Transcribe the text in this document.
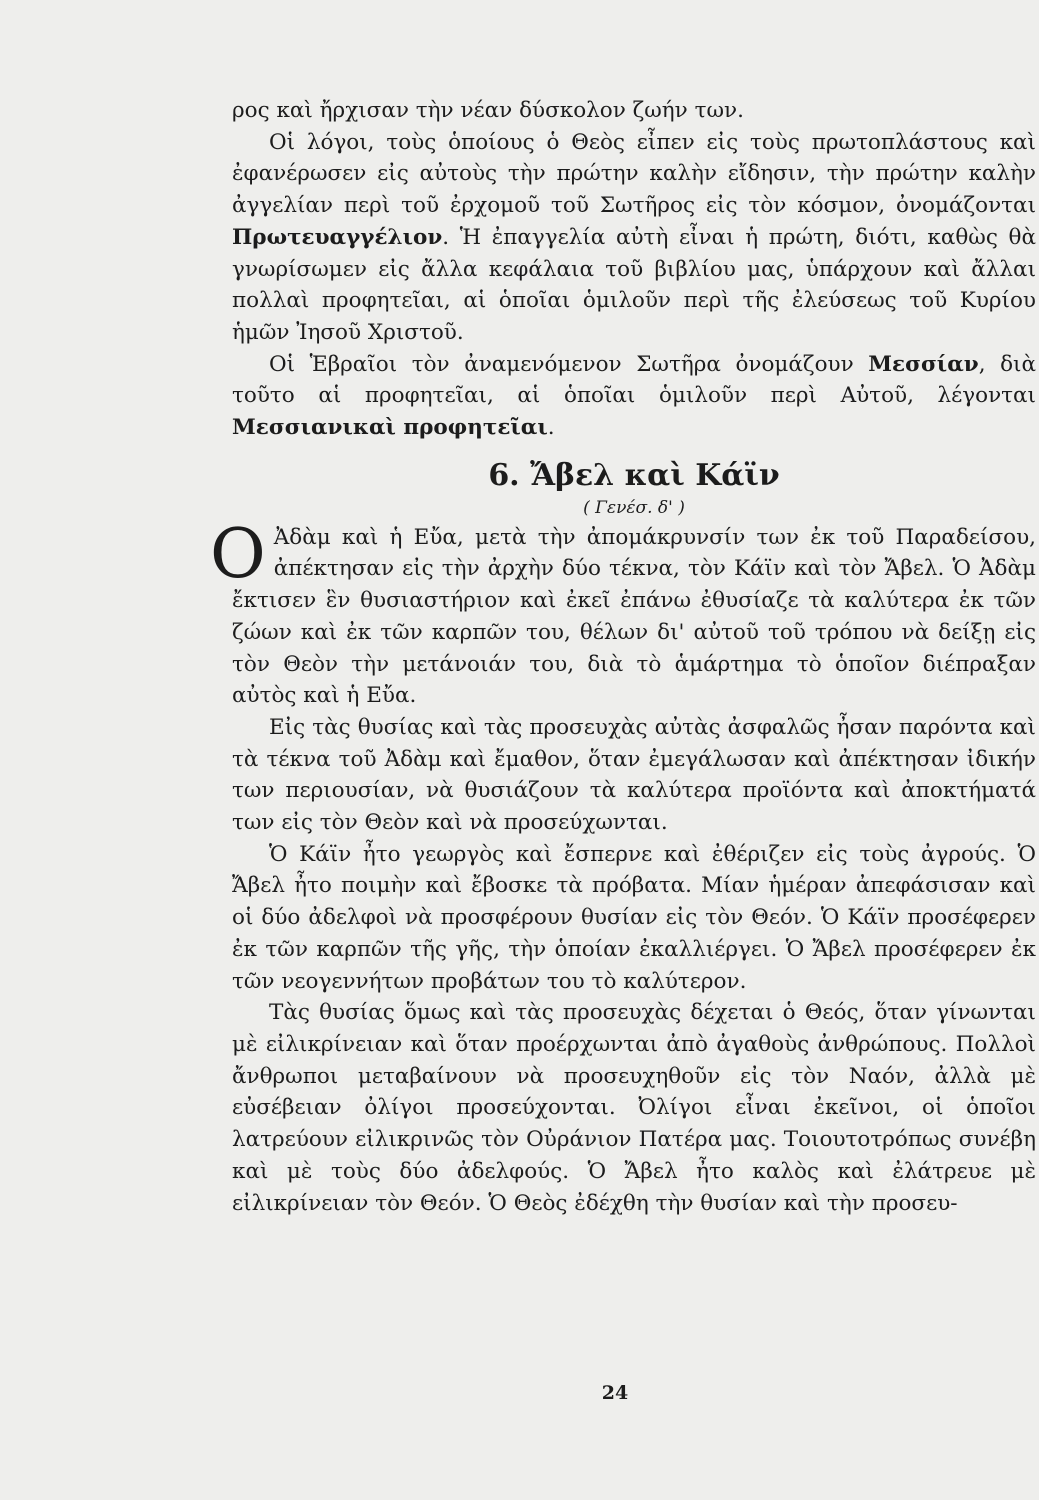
ρος καὶ ἤρχισαν τὴν νέαν δύσκολον ζωήν των.

Οἱ λόγοι, τοὺς ὁποίους ὁ Θεὸς εἶπεν εἰς τοὺς πρωτοπλάστους καὶ ἐφανέρωσεν εἰς αὐτοὺς τὴν πρώτην καλὴν εἴδησιν, τὴν πρώτην καλὴν ἀγγελίαν περὶ τοῦ ἐρχομοῦ τοῦ Σωτῆρος εἰς τὸν κόσμον, ὀνομάζονται Πρωτευαγγέλιον. Ἡ ἐπαγγελία αὐτὴ εἶναι ἡ πρώτη, διότι, καθὼς θὰ γνωρίσωμεν εἰς ἄλλα κεφάλαια τοῦ βιβλίου μας, ὑπάρχουν καὶ ἄλλαι πολλαὶ προφητεῖαι, αἱ ὁποῖαι ὁμιλοῦν περὶ τῆς ἐλεύσεως τοῦ Κυρίου ἡμῶν Ἰησοῦ Χριστοῦ.

Οἱ Ἑβραῖοι τὸν ἀναμενόμενον Σωτῆρα ὀνομάζουν Μεσσίαν, διὰ τοῦτο αἱ προφητεῖαι, αἱ ὁποῖαι ὁμιλοῦν περὶ Αὐτοῦ, λέγονται Μεσσιανικαὶ προφητεῖαι.

6. Ἄβελ καὶ Κάϊν
( Γενέσ. δ' )

Ο Ἀδὰμ καὶ ἡ Εὔα, μετὰ τὴν ἀπομάκρυνσίν των ἐκ τοῦ Παραδείσου, ἀπέκτησαν εἰς τὴν ἀρχὴν δύο τέκνα, τὸν Κάϊν καὶ τὸν Ἄβελ. Ὁ Ἀδὰμ ἔκτισεν ἓν θυσιαστήριον καὶ ἐκεῖ ἐπάνω ἐθυσίαζε τὰ καλύτερα ἐκ τῶν ζώων καὶ ἐκ τῶν καρπῶν του, θέλων δι' αὐτοῦ τοῦ τρόπου νὰ δείξῃ εἰς τὸν Θεὸν τὴν μετάνοιάν του, διὰ τὸ ἁμάρτημα τὸ ὁποῖον διέπραξαν αὐτὸς καὶ ἡ Εὔα.

Εἰς τὰς θυσίας καὶ τὰς προσευχὰς αὐτὰς ἀσφαλῶς ἦσαν παρόντα καὶ τὰ τέκνα τοῦ Ἀδὰμ καὶ ἔμαθον, ὅταν ἐμεγάλωσαν καὶ ἀπέκτησαν ἰδικήν των περιουσίαν, νὰ θυσιάζουν τὰ καλύτερα προϊόντα καὶ ἀποκτήματά των εἰς τὸν Θεὸν καὶ νὰ προσεύχωνται.

Ὁ Κάϊν ἦτο γεωργὸς καὶ ἔσπερνε καὶ ἐθέριζεν εἰς τοὺς ἀγρούς. Ὁ Ἄβελ ἦτο ποιμὴν καὶ ἔβοσκε τὰ πρόβατα. Μίαν ἡμέραν ἀπεφάσισαν καὶ οἱ δύο ἀδελφοὶ νὰ προσφέρουν θυσίαν εἰς τὸν Θεόν. Ὁ Κάϊν προσέφερεν ἐκ τῶν καρπῶν τῆς γῆς, τὴν ὁποίαν ἐκαλλιέργει. Ὁ Ἄβελ προσέφερεν ἐκ τῶν νεογεννήτων προβάτων του τὸ καλύτερον.

Τὰς θυσίας ὅμως καὶ τὰς προσευχὰς δέχεται ὁ Θεός, ὅταν γίνωνται μὲ εἰλικρίνειαν καὶ ὅταν προέρχωνται ἀπὸ ἀγαθοὺς ἀνθρώπους. Πολλοὶ ἄνθρωποι μεταβαίνουν νὰ προσευχηθοῦν εἰς τὸν Ναόν, ἀλλὰ μὲ εὐσέβειαν ὀλίγοι προσεύχονται. Ὀλίγοι εἶναι ἐκεῖνοι, οἱ ὁποῖοι λατρεύουν εἰλικρινῶς τὸν Οὐράνιον Πατέρα μας. Τοιουτοτρόπως συνέβη καὶ μὲ τοὺς δύο ἀδελφούς. Ὁ Ἄβελ ἦτο καλὸς καὶ ἐλάτρευε μὲ εἰλικρίνειαν τὸν Θεόν. Ὁ Θεὸς ἐδέχθη τὴν θυσίαν καὶ τὴν προσευ-

24
